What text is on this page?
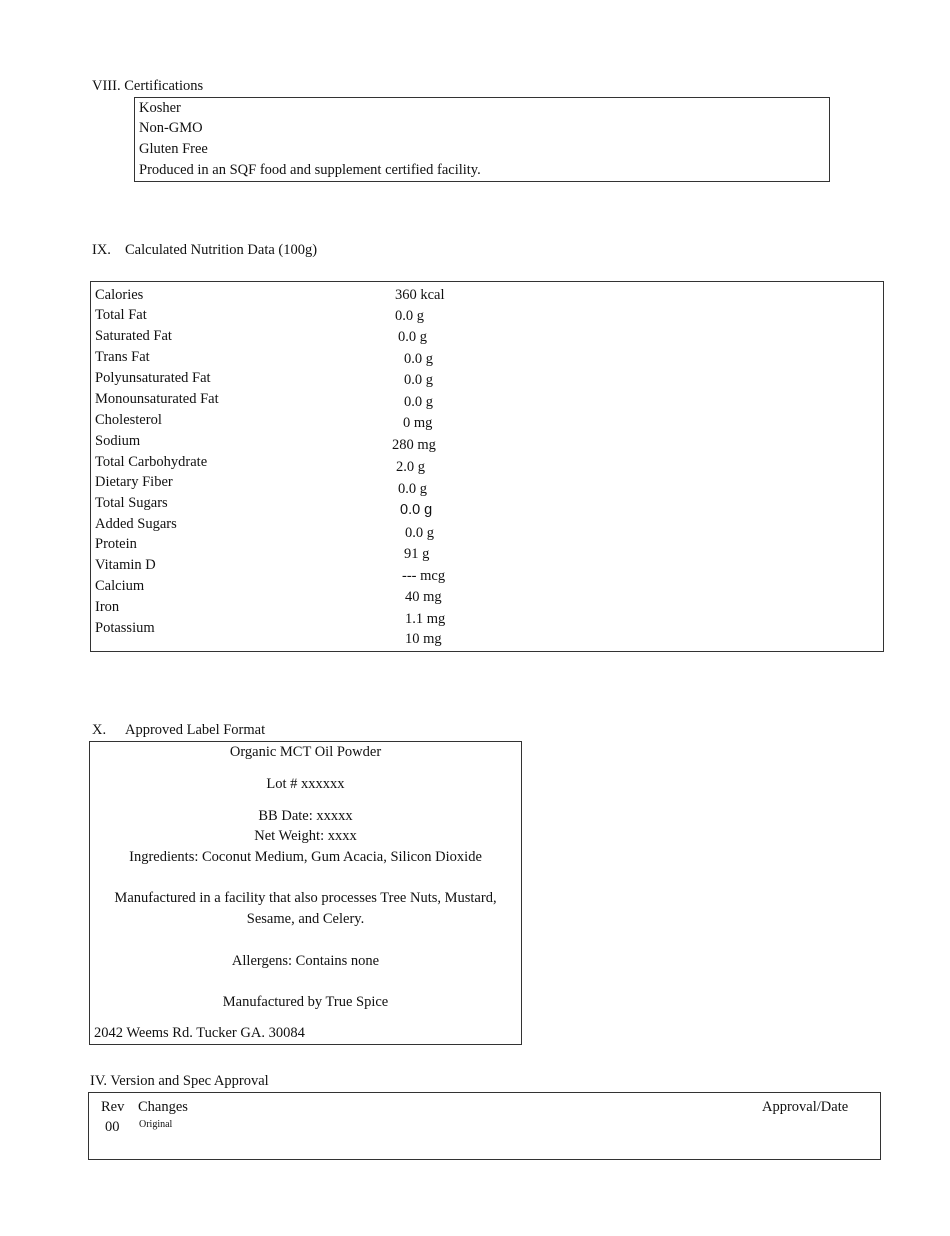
VIII. Certifications
Kosher
Non-GMO
Gluten Free
Produced in an SQF food and supplement certified facility.
IX. Calculated Nutrition Data (100g)
Calories
Total Fat
Saturated Fat
Trans Fat
Polyunsaturated Fat
Monounsaturated Fat
Cholesterol
Sodium
Total Carbohydrate
Dietary Fiber
Total Sugars
Added Sugars
Protein
Vitamin D
Calcium
Iron
Potassium
360 kcal
0.0 g
0.0 g
0.0 g
0.0 g
0.0 g
0 mg
280 mg
2.0 g
0.0 g
0.0 g
0.0 g
91 g
--- mcg
40 mg
1.1 mg
10 mg
X. Approved Label Format
Organic MCT Oil Powder
Lot # xxxxxx
BB Date: xxxxx
Net Weight: xxxx
Ingredients: Coconut Medium, Gum Acacia, Silicon Dioxide
Manufactured in a facility that also processes Tree Nuts, Mustard,
Sesame, and Celery.
Allergens: Contains none
Manufactured by True Spice
2042 Weems Rd. Tucker GA. 30084
IV. Version and Spec Approval
Rev Changes	Approval/Date
00 Original
